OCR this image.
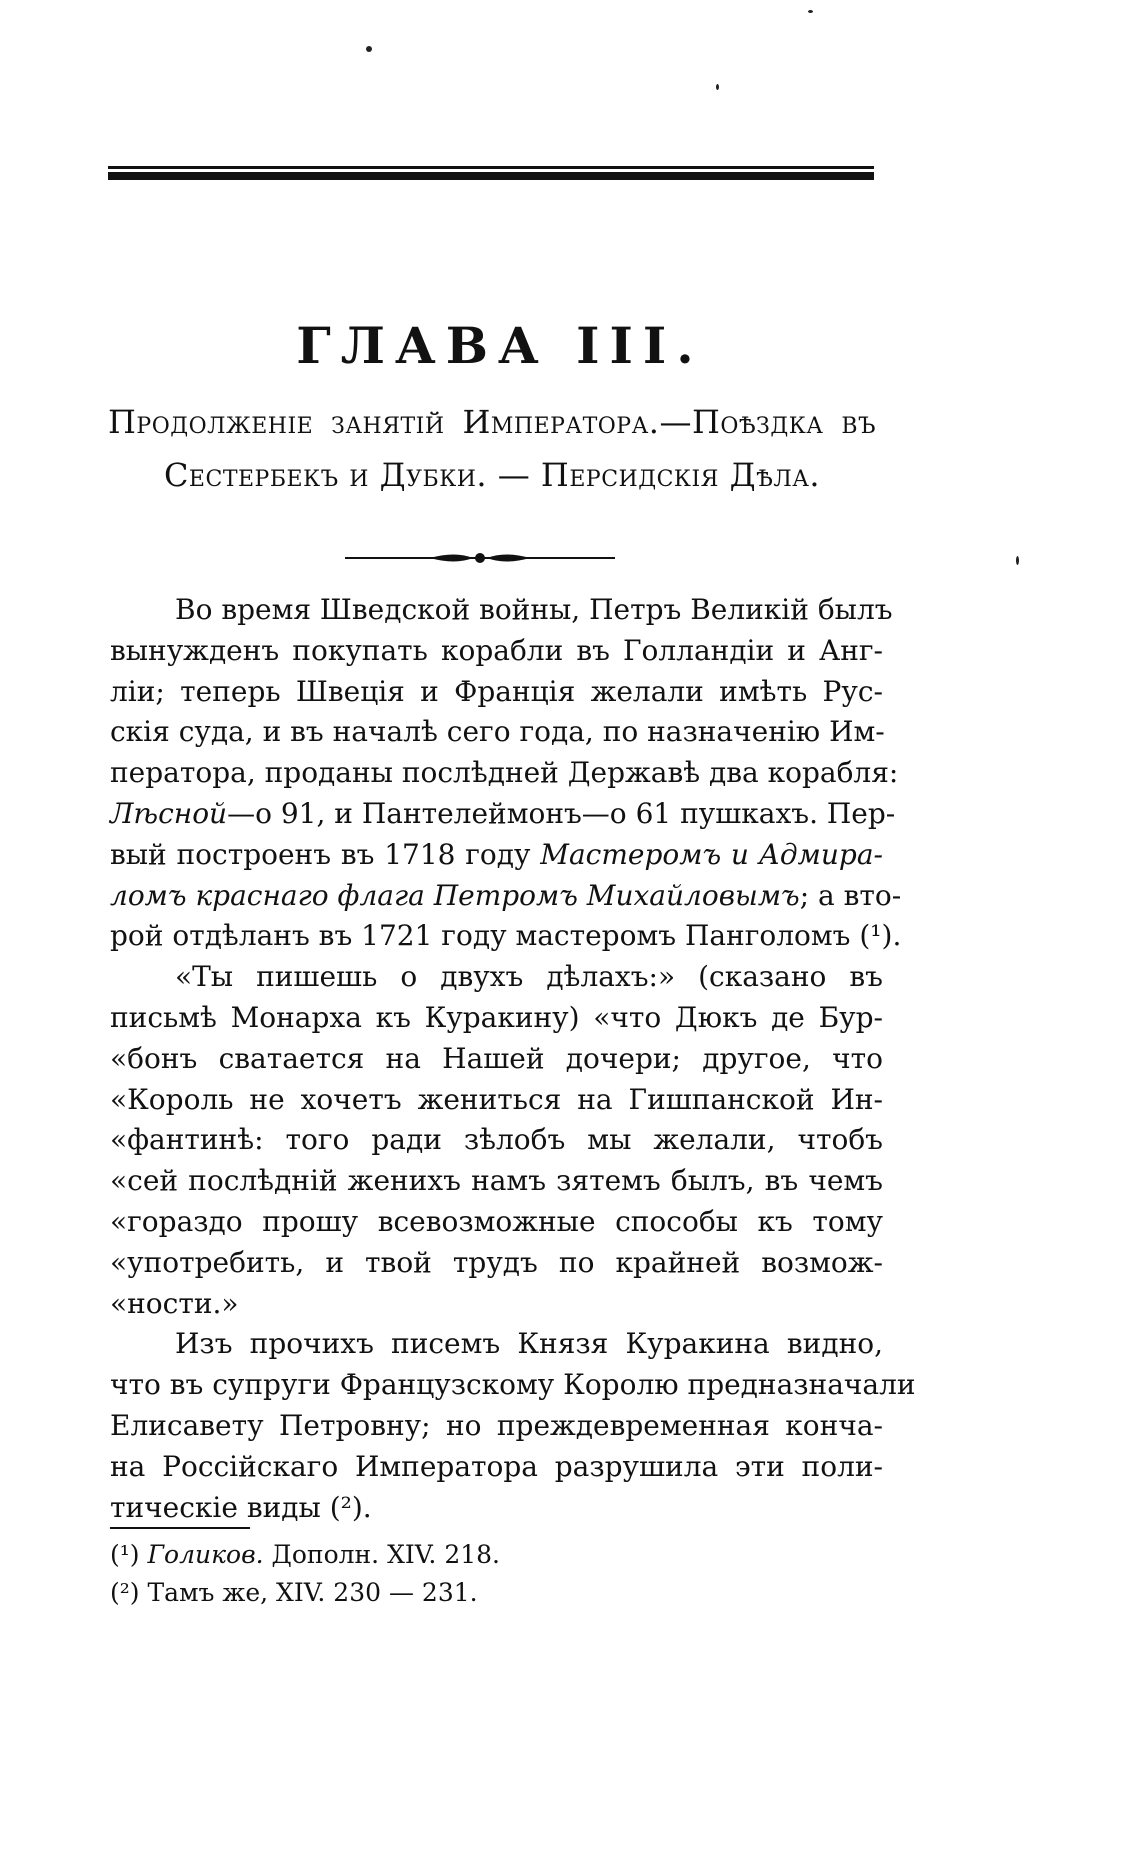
ГЛАВА III.
Продолженіе занятій Императора.—Поѣздка въ Сестербекъ и Дубки. — Персидскія Дѣла.
Во время Шведской войны, Петръ Великій былъ
вынужденъ покупать корабли въ Голландіи и Анг-
ліи; теперь Швеція и Франція желали имѣть Рус-
скія суда, и въ началѣ сего года, по назначенію Им-
ператора, проданы послѣдней Державѣ два корабля:
Лѣсной—о 91, и Пантелеймонъ—о 61 пушкахъ. Пер-
вый построенъ въ 1718 году Мастеромъ и Адмира-
ломъ краснаго флага Петромъ Михайловымъ; а вто-
рой отдѣланъ въ 1721 году мастеромъ Панголомъ (¹).
«Ты пишешь о двухъ дѣлахъ:» (сказано въ
письмѣ Монарха къ Куракину) «что Дюкъ де Бур-
«бонъ сватается на Нашей дочери; другое, что
«Король не хочетъ жениться на Гишпанской Ин-
«фантинѣ: того ради зѣлобъ мы желали, чтобъ
«сей послѣдній женихъ намъ зятемъ былъ, въ чемъ
«гораздо прошу всевозможные способы къ тому
«употребить, и твой трудъ по крайней возмож-
«ности.»
Изъ прочихъ писемъ Князя Куракина видно,
что въ супруги Французскому Королю предназначали
Елисавету Петровну; но преждевременная конча-
на Россійскаго Императора разрушила эти поли-
тическіе виды (²).
(¹) Голиков. Дополн. XIV. 218.
(²) Тамъ же, XIV. 230 — 231.
